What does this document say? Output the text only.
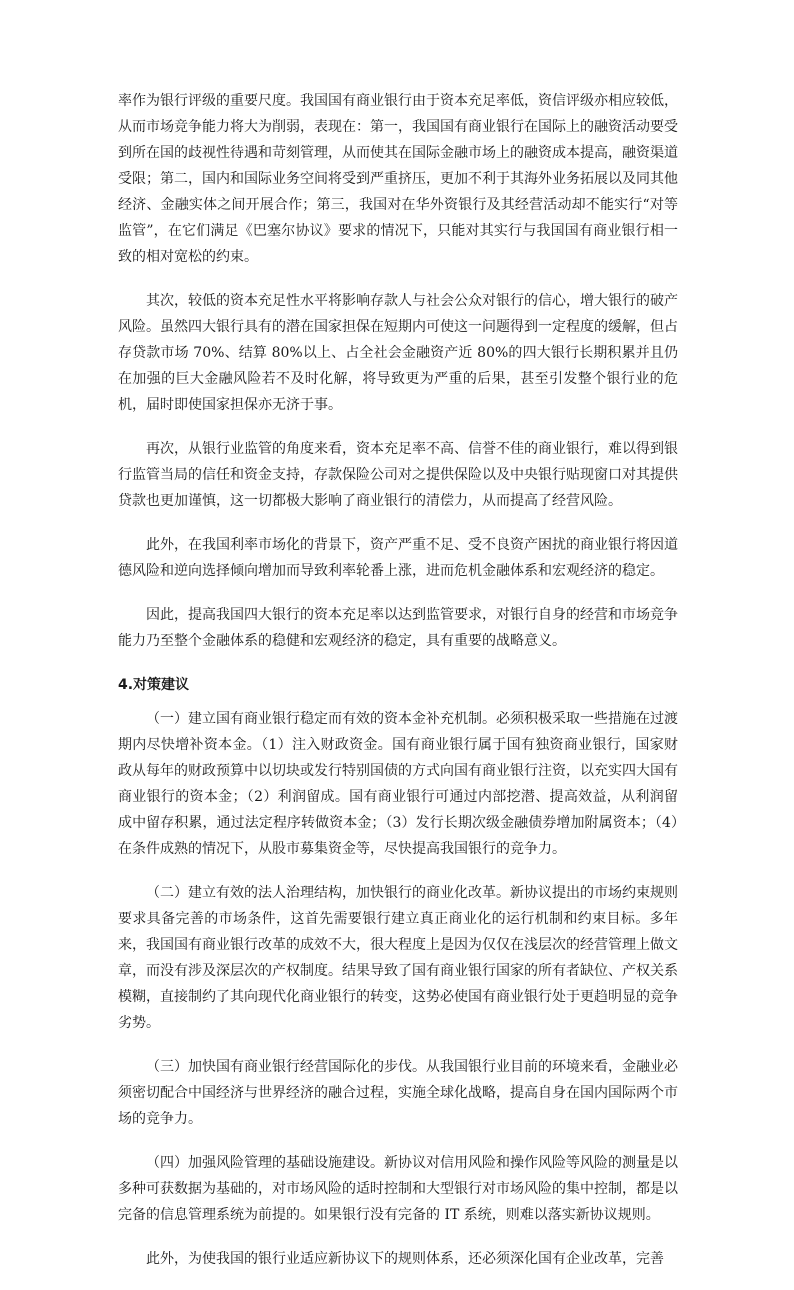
率作为银行评级的重要尺度。我国国有商业银行由于资本充足率低，资信评级亦相应较低，从而市场竞争能力将大为削弱，表现在：第一，我国国有商业银行在国际上的融资活动要受到所在国的歧视性待遇和苛刻管理，从而使其在国际金融市场上的融资成本提高，融资渠道受限；第二，国内和国际业务空间将受到严重挤压，更加不利于其海外业务拓展以及同其他经济、金融实体之间开展合作；第三，我国对在华外资银行及其经营活动却不能实行“对等监管”，在它们满足《巴塞尔协议》要求的情况下，只能对其实行与我国国有商业银行相一致的相对宽松的约束。

其次，较低的资本充足性水平将影响存款人与社会公众对银行的信心，增大银行的破产风险。虽然四大银行具有的潜在国家担保在短期内可使这一问题得到一定程度的缓解，但占存贷款市场 70%、结算 80%以上、占全社会金融资产近 80%的四大银行长期积累并且仍在加强的巨大金融风险若不及时化解，将导致更为严重的后果，甚至引发整个银行业的危机，届时即使国家担保亦无济于事。

再次，从银行业监管的角度来看，资本充足率不高、信誉不佳的商业银行，难以得到银行监管当局的信任和资金支持，存款保险公司对之提供保险以及中央银行贴现窗口对其提供贷款也更加谨慎，这一切都极大影响了商业银行的清偿力，从而提高了经营风险。

此外，在我国利率市场化的背景下，资产严重不足、受不良资产困扰的商业银行将因道德风险和逆向选择倾向增加而导致利率轮番上涨，进而危机金融体系和宏观经济的稳定。

因此，提高我国四大银行的资本充足率以达到监管要求，对银行自身的经营和市场竞争能力乃至整个金融体系的稳健和宏观经济的稳定，具有重要的战略意义。

4.对策建议

（一）建立国有商业银行稳定而有效的资本金补充机制。必须积极采取一些措施在过渡期内尽快增补资本金。（1）注入财政资金。国有商业银行属于国有独资商业银行，国家财政从每年的财政预算中以切块或发行特别国债的方式向国有商业银行注资，以充实四大国有商业银行的资本金；（2）利润留成。国有商业银行可通过内部挖潜、提高效益，从利润留成中留存积累，通过法定程序转做资本金；（3）发行长期次级金融债券增加附属资本；（4）在条件成熟的情况下，从股市募集资金等，尽快提高我国银行的竞争力。

（二）建立有效的法人治理结构，加快银行的商业化改革。新协议提出的市场约束规则要求具备完善的市场条件，这首先需要银行建立真正商业化的运行机制和约束目标。多年来，我国国有商业银行改革的成效不大，很大程度上是因为仅仅在浅层次的经营管理上做文章，而没有涉及深层次的产权制度。结果导致了国有商业银行国家的所有者缺位、产权关系模糊，直接制约了其向现代化商业银行的转变，这势必使国有商业银行处于更趋明显的竞争劣势。

（三）加快国有商业银行经营国际化的步伐。从我国银行业目前的环境来看，金融业必须密切配合中国经济与世界经济的融合过程，实施全球化战略，提高自身在国内国际两个市场的竞争力。

（四）加强风险管理的基础设施建设。新协议对信用风险和操作风险等风险的测量是以多种可获数据为基础的，对市场风险的适时控制和大型银行对市场风险的集中控制，都是以完备的信息管理系统为前提的。如果银行没有完备的 IT 系统，则难以落实新协议规则。

此外，为使我国的银行业适应新协议下的规则体系，还必须深化国有企业改革，完善
